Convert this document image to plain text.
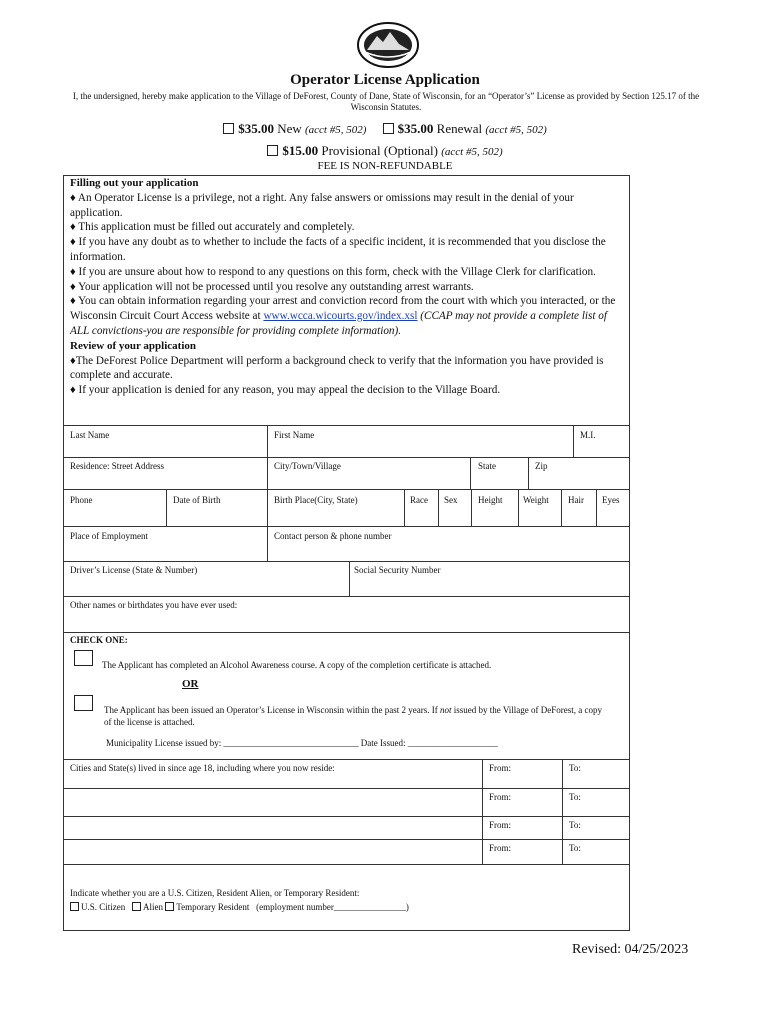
Operator License Application
I, the undersigned, hereby make application to the Village of DeForest, County of Dane, State of Wisconsin, for an “Operator’s” License as provided by Section 125.17 of the Wisconsin Statutes.
$35.00 New (acct #5, 502) $35.00 Renewal (acct #5, 502)
$15.00 Provisional (Optional) (acct #5, 502)
FEE IS NON-REFUNDABLE

Filling out your application

♦ An Operator License is a privilege, not a right. Any false answers or omissions may result in the denial of your application.

♦ This application must be filled out accurately and completely.

♦ If you have any doubt as to whether to include the facts of a specific incident, it is recommended that you disclose the information.

♦ If you are unsure about how to respond to any questions on this form, check with the Village Clerk for clarification.

♦ Your application will not be processed until you resolve any outstanding arrest warrants.

♦ You can obtain information regarding your arrest and conviction record from the court with which you interacted, or the Wisconsin Circuit Court Access website at www.wcca.wicourts.gov/index.xsl (CCAP may not provide a complete list of ALL convictions-you are responsible for providing complete information).

Review of your application

♦The DeForest Police Department will perform a background check to verify that the information you have provided is complete and accurate.

♦ If your application is denied for any reason, you may appeal the decision to the Village Board.

Last Name	First Name	M.I.
Residence: Street Address	City/Town/Village	State	Zip
Phone	Date of Birth	Birth Place(City, State)	Race Sex Height Weight Hair Eyes
Place of Employment	Contact person & phone number
Driver’s License (State & Number)	Social Security Number
Other names or birthdates you have ever used:
CHECK ONE:
The Applicant has completed an Alcohol Awareness course. A copy of the completion certificate is attached.
OR
The Applicant has been issued an Operator’s License in Wisconsin within the past 2 years. If not issued by the Village of DeForest, a copy of the license is attached.
Municipality License issued by: ______________________________ Date Issued: ____________________
Cities and State(s) lived in since age 18, including where you now reside:	From:	To:
From:	To:
From:	To:
From:	To:
Indicate whether you are a U.S. Citizen, Resident Alien, or Temporary Resident:
U.S. Citizen Alien Temporary Resident (employment number________________)
Revised: 04/25/2023
